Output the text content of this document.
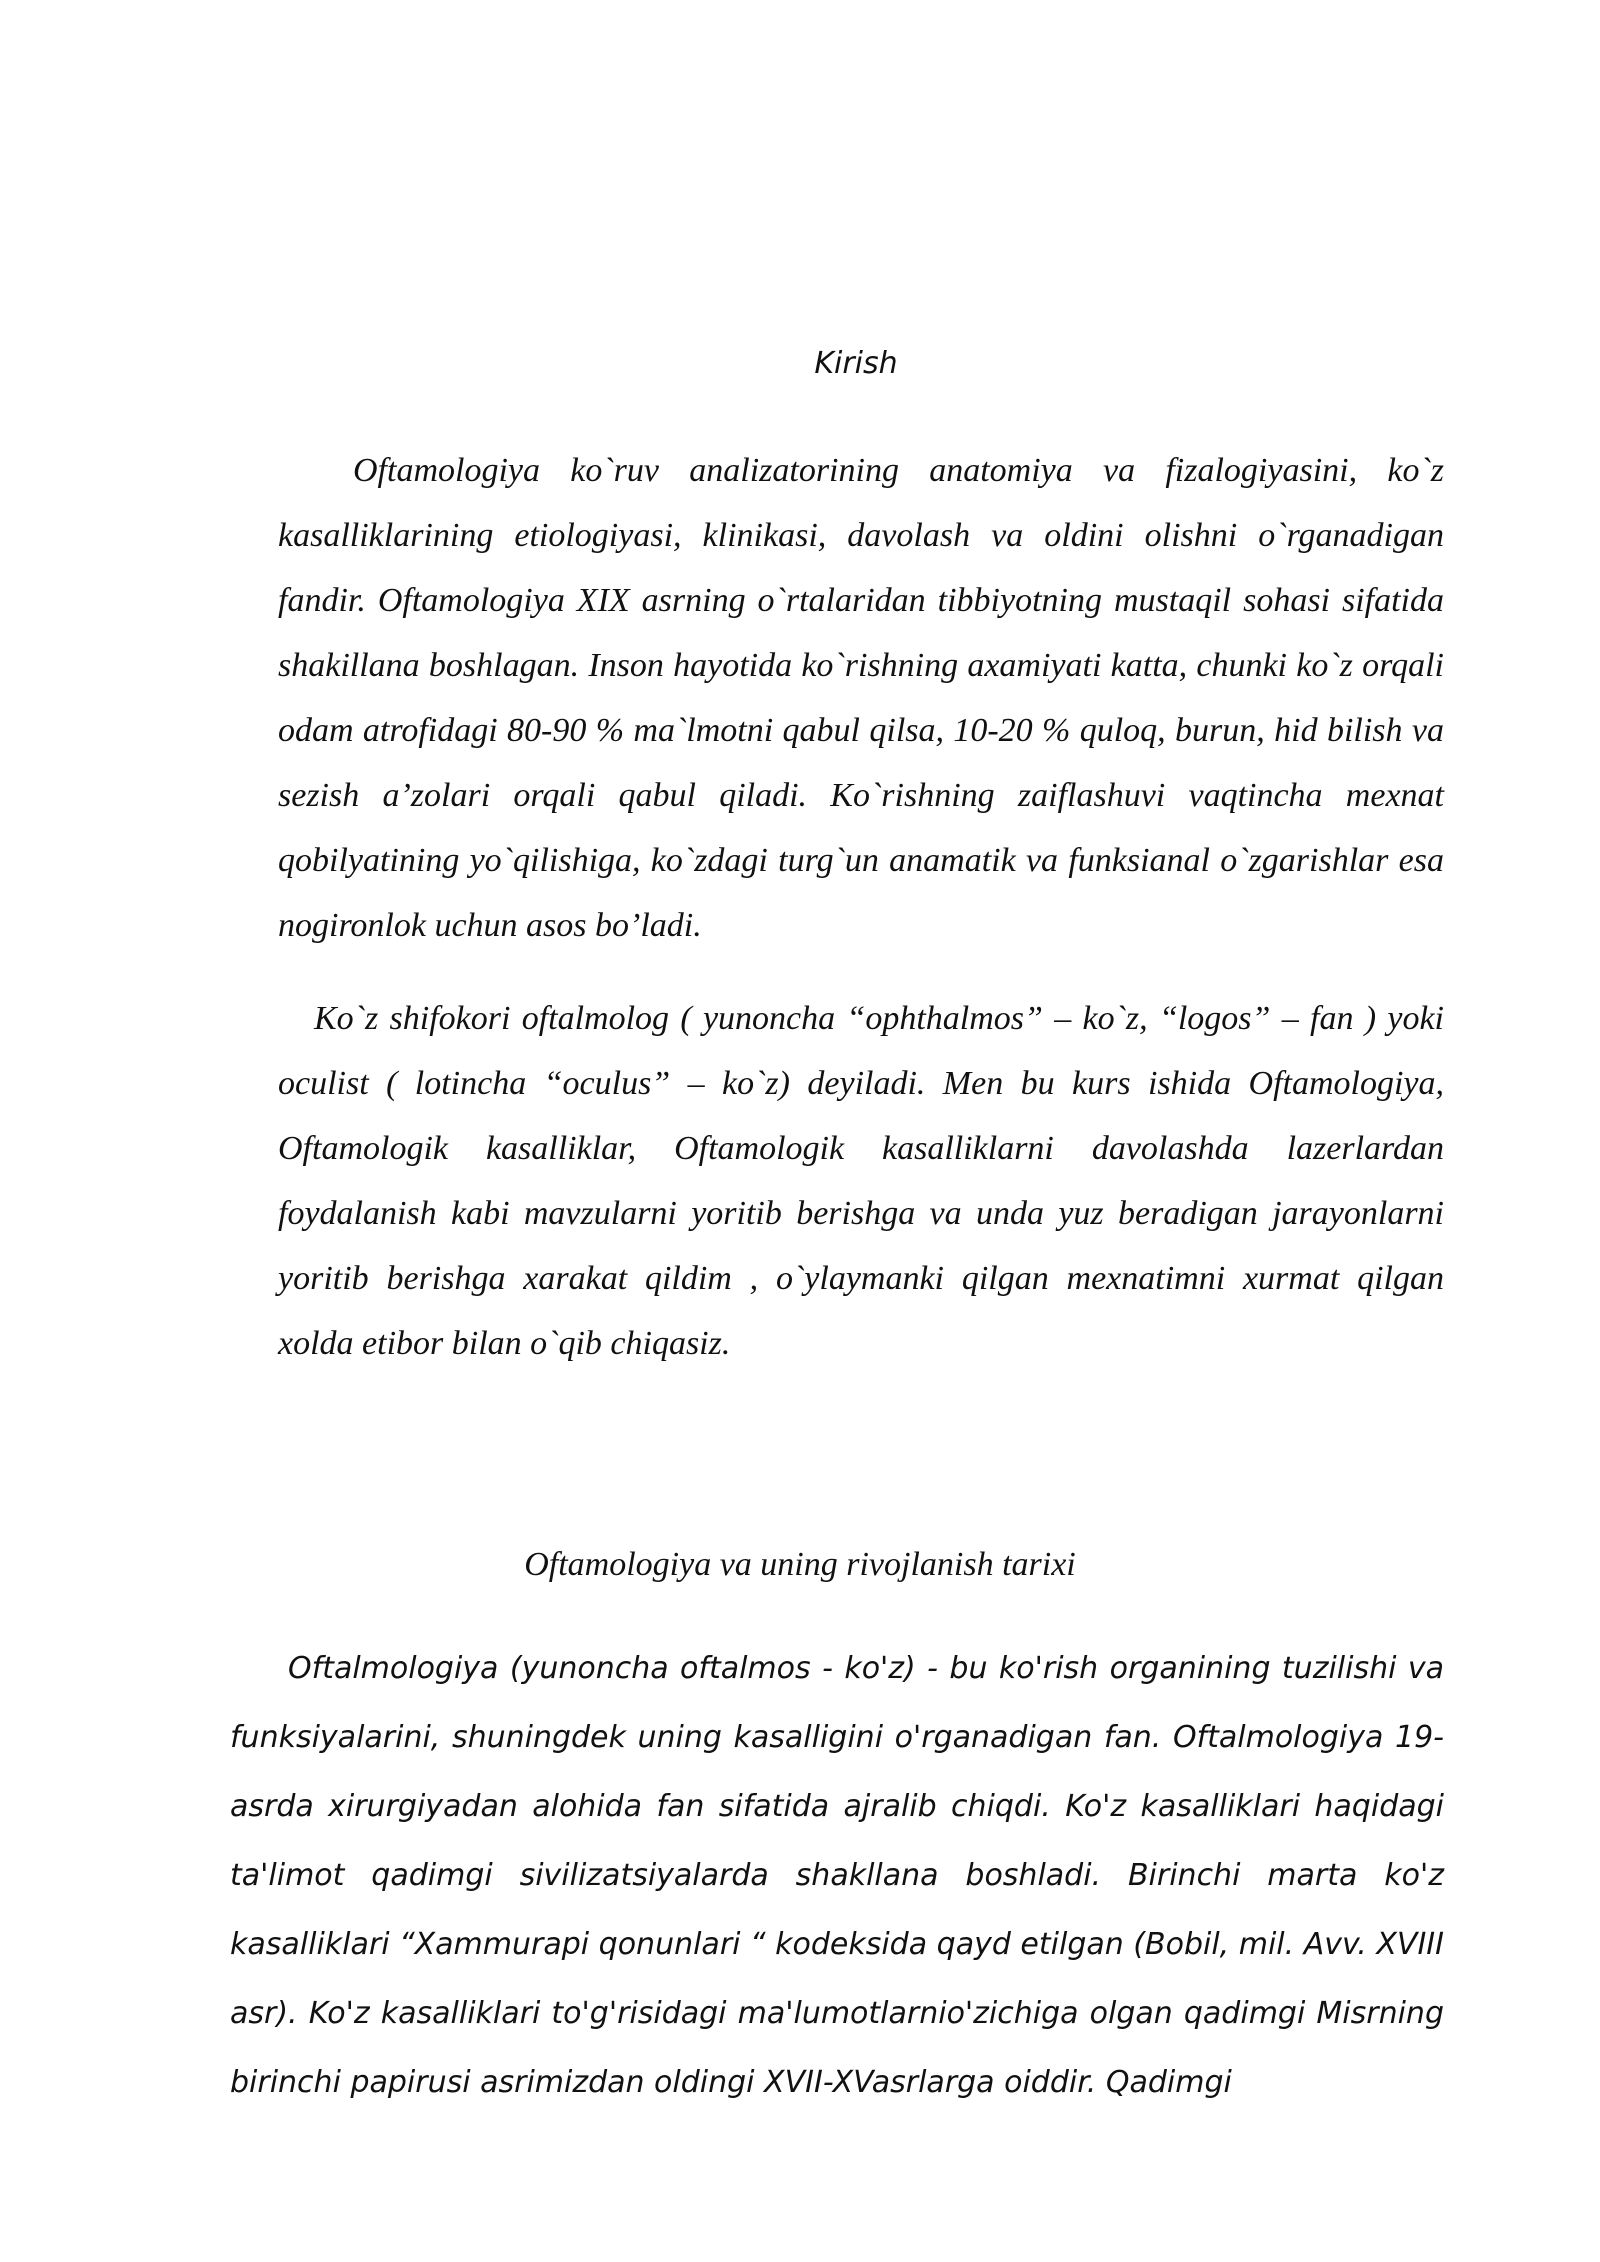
Kirish

Oftamologiya ko`ruv analizatorining anatomiya va fizalogiyasini, ko`z kasalliklarining etiologiyasi, klinikasi, davolash va oldini olishni o`rganadigan fandir. Oftamologiya XIX asrning o`rtalaridan tibbiyotning mustaqil sohasi sifatida shakillana boshlagan. Inson hayotida ko`rishning axamiyati katta, chunki ko`z orqali odam atrofidagi 80-90 % ma`lmotni qabul qilsa, 10-20 % quloq, burun, hid bilish va sezish a’zolari orqali qabul qiladi. Ko`rishning zaiflashuvi vaqtincha mexnat qobilyatining yo`qilishiga, ko`zdagi turg`un anamatik va funksianal o`zgarishlar esa nogironlok uchun asos bo’ladi.

Ko`z shifokori oftalmolog ( yunoncha “ophthalmos” – ko`z, “logos” – fan ) yoki oculist ( lotincha “oculus” – ko`z) deyiladi. Men bu kurs ishida Oftamologiya, Oftamologik kasalliklar, Oftamologik kasalliklarni davolashda lazerlardan foydalanish kabi mavzularni yoritib berishga va unda yuz beradigan jarayonlarni yoritib berishga xarakat qildim , o`ylaymanki qilgan mexnatimni xurmat qilgan xolda etibor bilan o`qib chiqasiz.

Oftamologiya va uning rivojlanish tarixi

Oftalmologiya (yunoncha oftalmos - ko'z) - bu ko'rish organining tuzilishi va funksiyalarini, shuningdek uning kasalligini o'rganadigan fan. Oftalmologiya 19-asrda xirurgiyadan alohida fan sifatida ajralib chiqdi. Ko'z kasalliklari haqidagi ta'limot qadimgi sivilizatsiyalarda shakllana boshladi. Birinchi marta ko'z kasalliklari “Xammurapi qonunlari “ kodeksida qayd etilgan (Bobil, mil. Avv. XVIII asr). Ko'z kasalliklari to'g'risidagi ma'lumotlarnio'zichiga olgan qadimgi Misrning birinchi papirusi asrimizdan oldingi XVII-XVasrlarga oiddir. Qadimgi
